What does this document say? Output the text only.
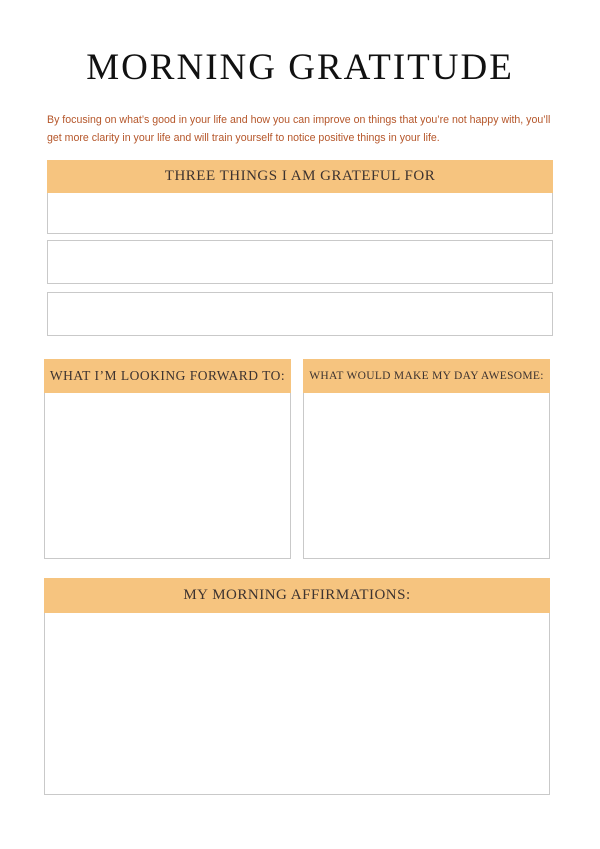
MORNING GRATITUDE
By focusing on what’s good in your life and how you can improve on things that you’re not happy with, you’ll get more clarity in your life and will train yourself to notice positive things in your life.
THREE THINGS I AM GRATEFUL FOR
WHAT I’M LOOKING FORWARD TO: WHAT WOULD MAKE MY DAY AWESOME:
MY MORNING AFFIRMATIONS:
